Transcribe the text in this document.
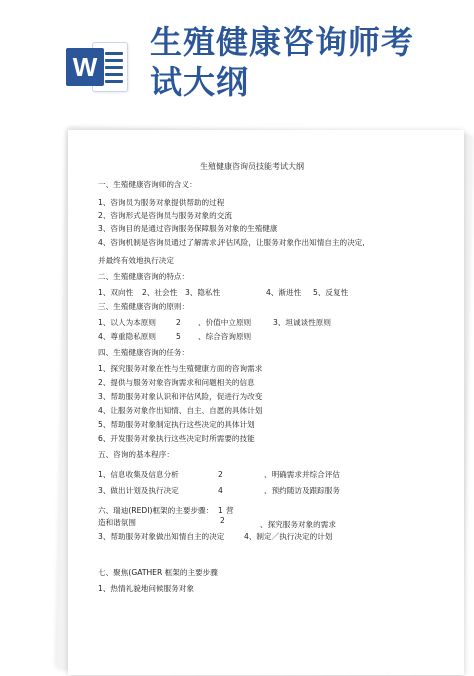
W
生殖健康咨询师考
试大纲
生殖健康咨询员技能考试大纲
一、生殖健康咨询师的含义：
1、咨询员为服务对象提供帮助的过程
2、咨询形式是咨询员与服务对象的交流
3、咨询目的是通过咨询服务保障服务对象的生殖健康
4、咨询机制是咨询员通过了解需求、
评估风险，让服务对象作出知情自主的决定,
并最终有效地执行决定
二、生殖健康咨询的特点：
1、双向性 2、社会性 3、隐私性	4、渐进性 5、反复性
三、生殖健康咨询的原则：
1、以人为本原则	2 、价值中立原则	3、坦诚谈性原则
4、尊重隐私原则	5 、综合咨询原则
四、生殖健康咨询的任务：
1、探究服务对象在性与生殖健康方面的咨询需求
2、提供与服务对象咨询需求和问题相关的信息
3、帮助服务对象认识和评估风险，促进行为改变
4、让服务对象作出知情、自主、自愿的具体计划
5、帮助服务对象制定执行这些决定的具体计划
6、开发服务对象执行这些决定时所需要的技能
五、咨询的基本程序：
1、信息收集及信息分析	2	、明确需求并综合评估
3、做出计划及执行决定	4	、预约随访及跟踪服务
六、瑞迪(REDI)框架的主要步骤： 1 营
造和谐氛围	2	、探究服务对象的需求
3、帮助服务对象做出知情自主的决定	4、制定／执行决定的计划
七、聚焦(GATHER 框架的主要步骤
1、热情礼貌地问候服务对象
